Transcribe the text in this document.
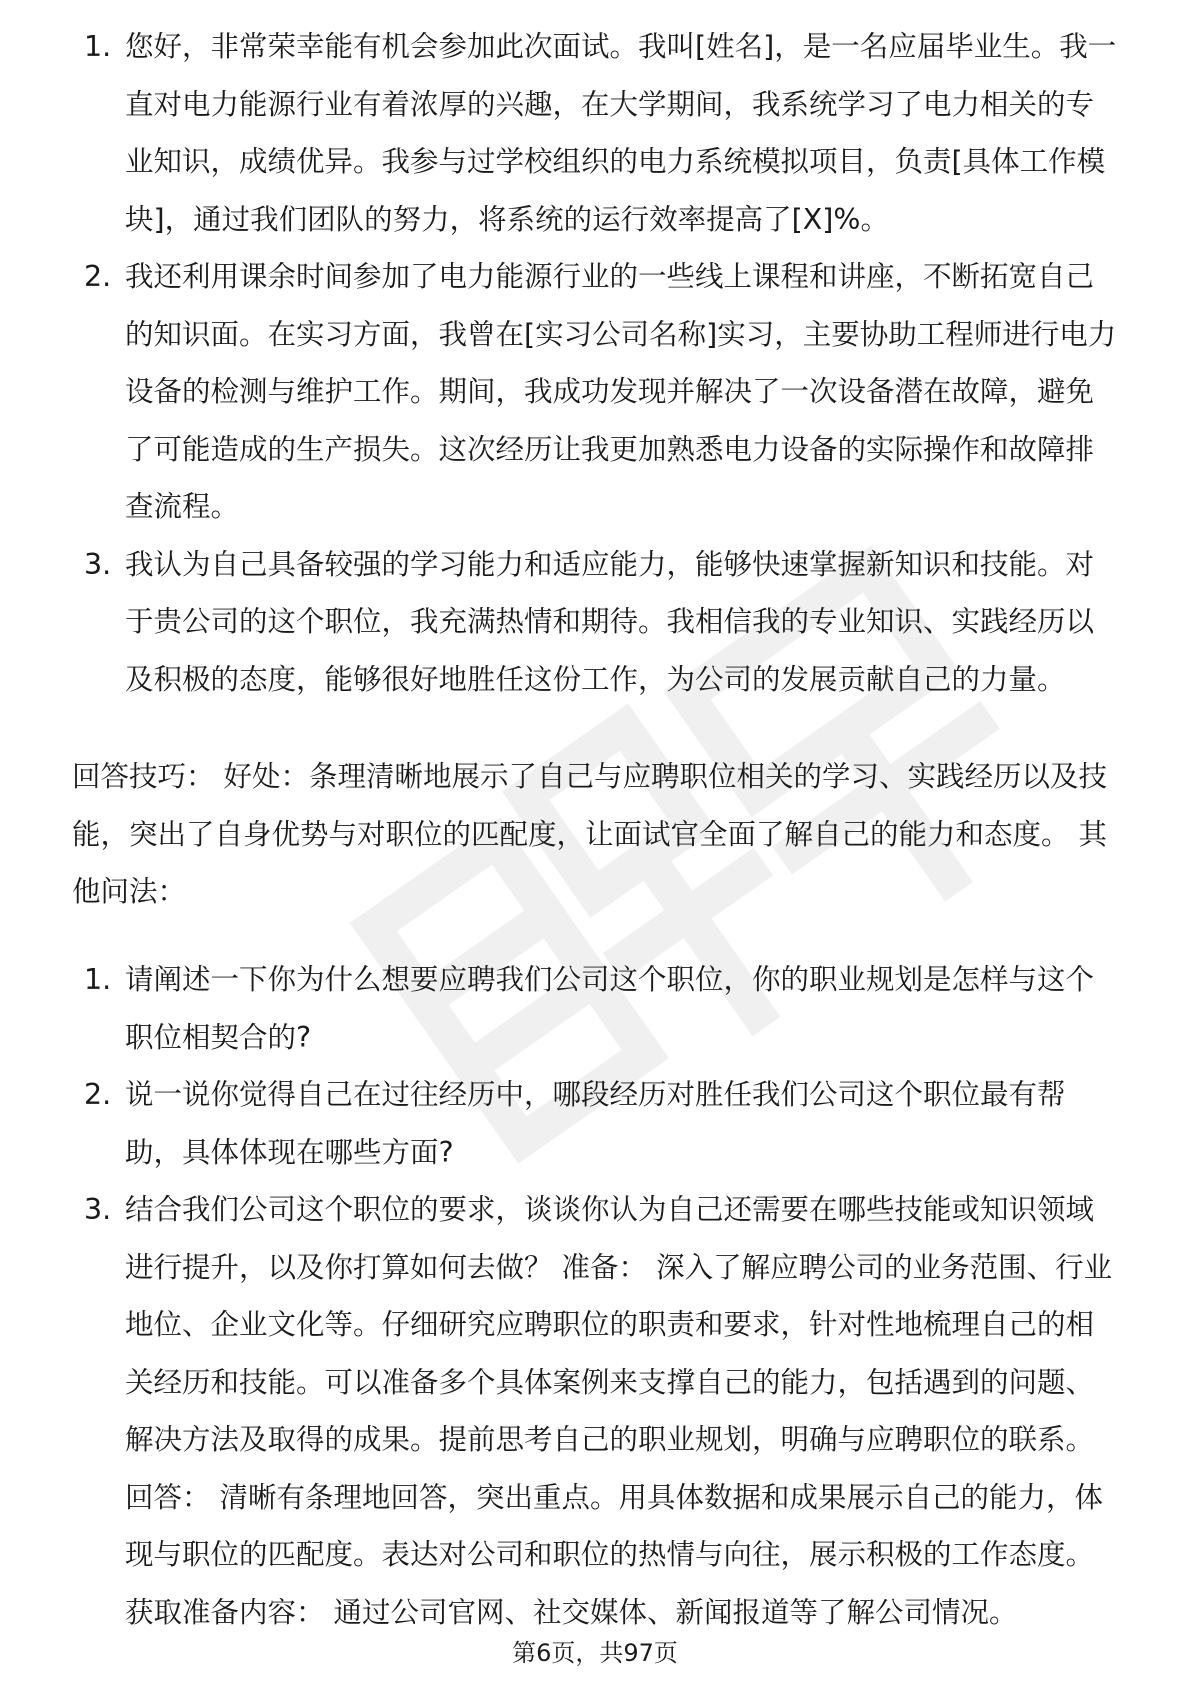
1. 您好，非常荣幸能有机会参加此次面试。我叫[姓名]，是一名应届毕业生。我一直对电力能源行业有着浓厚的兴趣，在大学期间，我系统学习了电力相关的专业知识，成绩优异。我参与过学校组织的电力系统模拟项目，负责[具体工作模块]，通过我们团队的努力，将系统的运行效率提高了[X]%。
2. 我还利用课余时间参加了电力能源行业的一些线上课程和讲座，不断拓宽自己的知识面。在实习方面，我曾在[实习公司名称]实习，主要协助工程师进行电力设备的检测与维护工作。期间，我成功发现并解决了一次设备潜在故障，避免了可能造成的生产损失。这次经历让我更加熟悉电力设备的实际操作和故障排查流程。
3. 我认为自己具备较强的学习能力和适应能力，能够快速掌握新知识和技能。对于贵公司的这个职位，我充满热情和期待。我相信我的专业知识、实践经历以及积极的态度，能够很好地胜任这份工作，为公司的发展贡献自己的力量。

回答技巧： 好处：条理清晰地展示了自己与应聘职位相关的学习、实践经历以及技能，突出了自身优势与对职位的匹配度，让面试官全面了解自己的能力和态度。 其他问法：

1. 请阐述一下你为什么想要应聘我们公司这个职位，你的职业规划是怎样与这个职位相契合的?
2. 说一说你觉得自己在过往经历中，哪段经历对胜任我们公司这个职位最有帮助，具体体现在哪些方面?
3. 结合我们公司这个职位的要求，谈谈你认为自己还需要在哪些技能或知识领域进行提升，以及你打算如何去做？ 准备： 深入了解应聘公司的业务范围、行业地位、企业文化等。仔细研究应聘职位的职责和要求，针对性地梳理自己的相关经历和技能。可以准备多个具体案例来支撑自己的能力，包括遇到的问题、解决方法及取得的成果。提前思考自己的职业规划，明确与应聘职位的联系。 回答： 清晰有条理地回答，突出重点。用具体数据和成果展示自己的能力，体现与职位的匹配度。表达对公司和职位的热情与向往，展示积极的工作态度。获取准备内容： 通过公司官网、社交媒体、新闻报道等了解公司情况。
第6页，共97页
